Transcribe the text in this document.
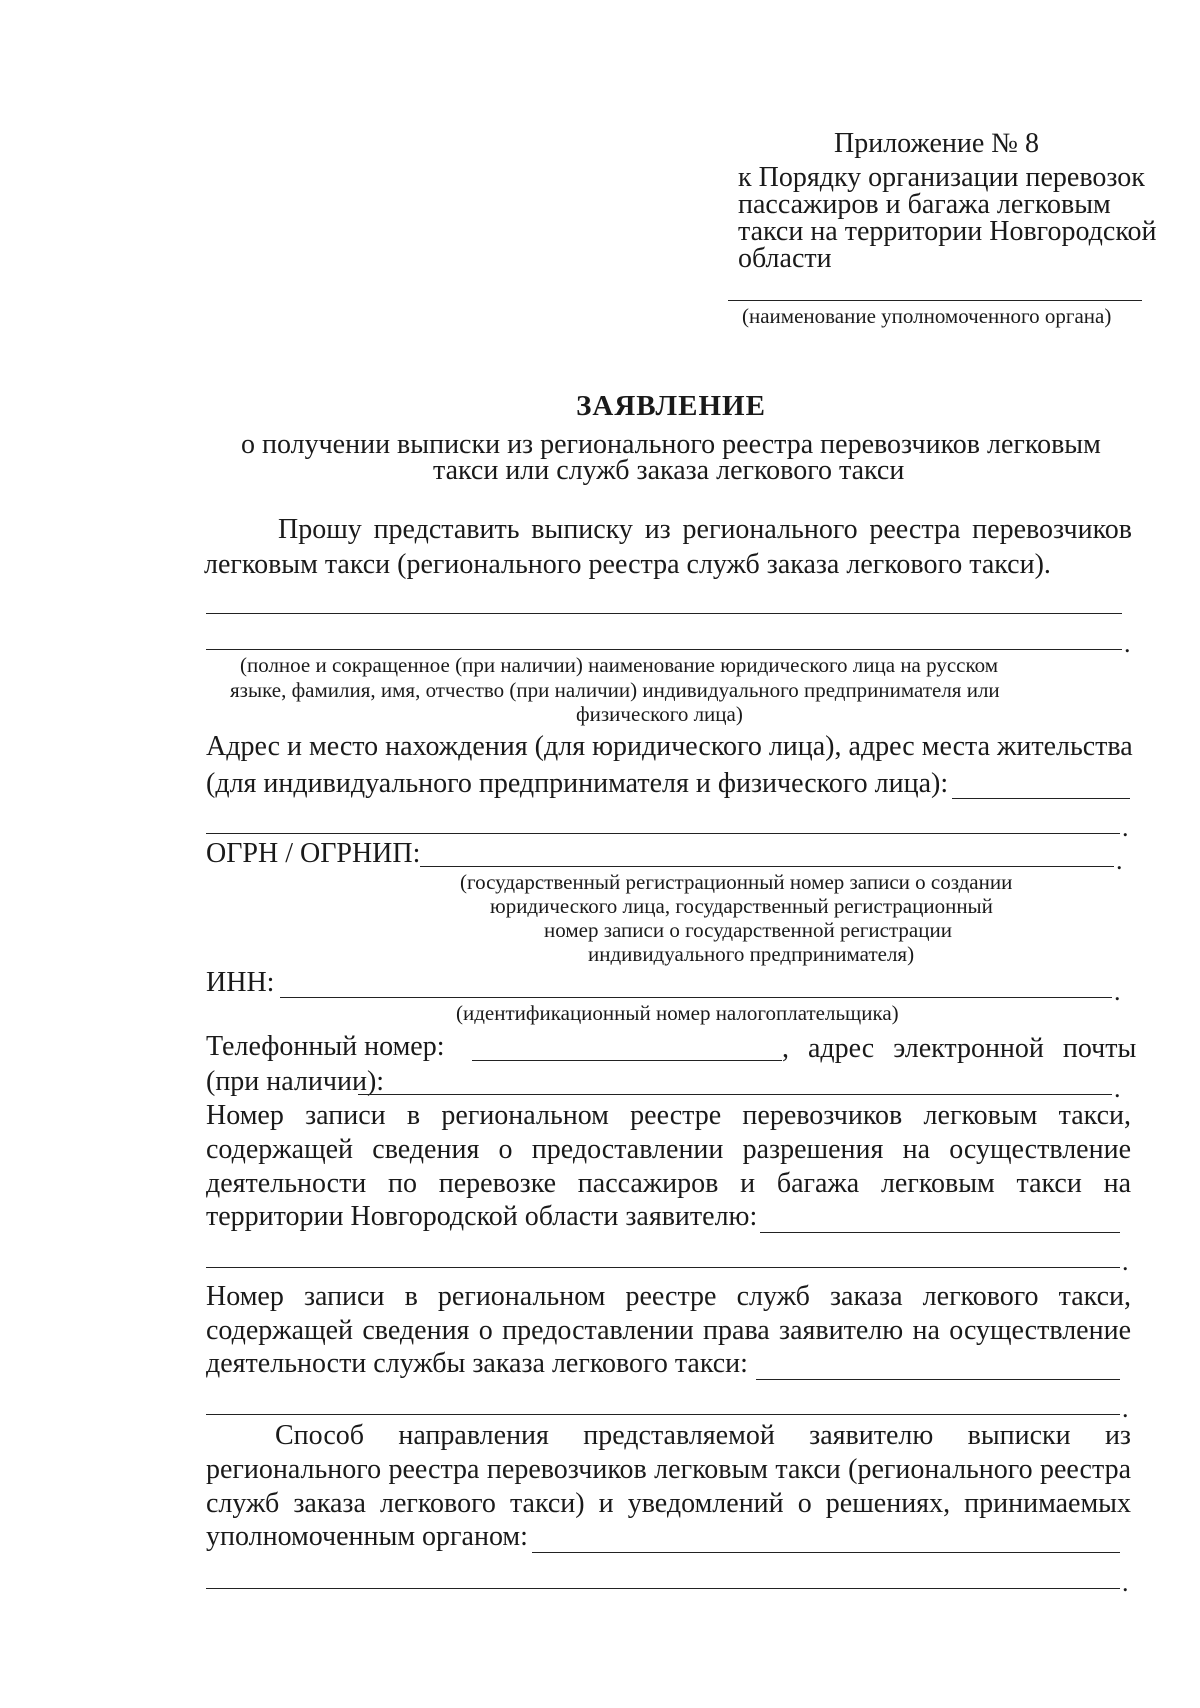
Приложение № 8
к Порядку организации перевозок
пассажиров и багажа легковым
такси на территории Новгородской
области
(наименование уполномоченного органа)
ЗАЯВЛЕНИЕ
о получении выписки из регионального реестра перевозчиков легковым
такси или служб заказа легкового такси
Прошу представить выписку из регионального реестра перевозчиков
легковым такси (регионального реестра служб заказа легкового такси).
.
(полное и сокращенное (при наличии) наименование юридического лица на русском
языке, фамилия, имя, отчество (при наличии) индивидуального предпринимателя или
физического лица)
Адрес и место нахождения (для юридического лица), адрес места жительства
(для индивидуального предпринимателя и физического лица):
.
ОГРН / ОГРНИП:	.
(государственный регистрационный номер записи о создании
юридического лица, государственный регистрационный
номер записи о государственной регистрации
индивидуального предпринимателя)
ИНН:	.
(идентификационный номер налогоплательщика)
Телефонный номер:	, адрес электронной почты
(при наличии):	.
Номер записи в региональном реестре перевозчиков легковым такси,
содержащей сведения о предоставлении разрешения на осуществление
деятельности по перевозке пассажиров и багажа легковым такси на
территории Новгородской области заявителю:
.
Номер записи в региональном реестре служб заказа легкового такси,
содержащей сведения о предоставлении права заявителю на осуществление
деятельности службы заказа легкового такси:
.
Способ направления представляемой заявителю выписки из
регионального реестра перевозчиков легковым такси (регионального реестра
служб заказа легкового такси) и уведомлений о решениях, принимаемых
уполномоченным органом:
.
